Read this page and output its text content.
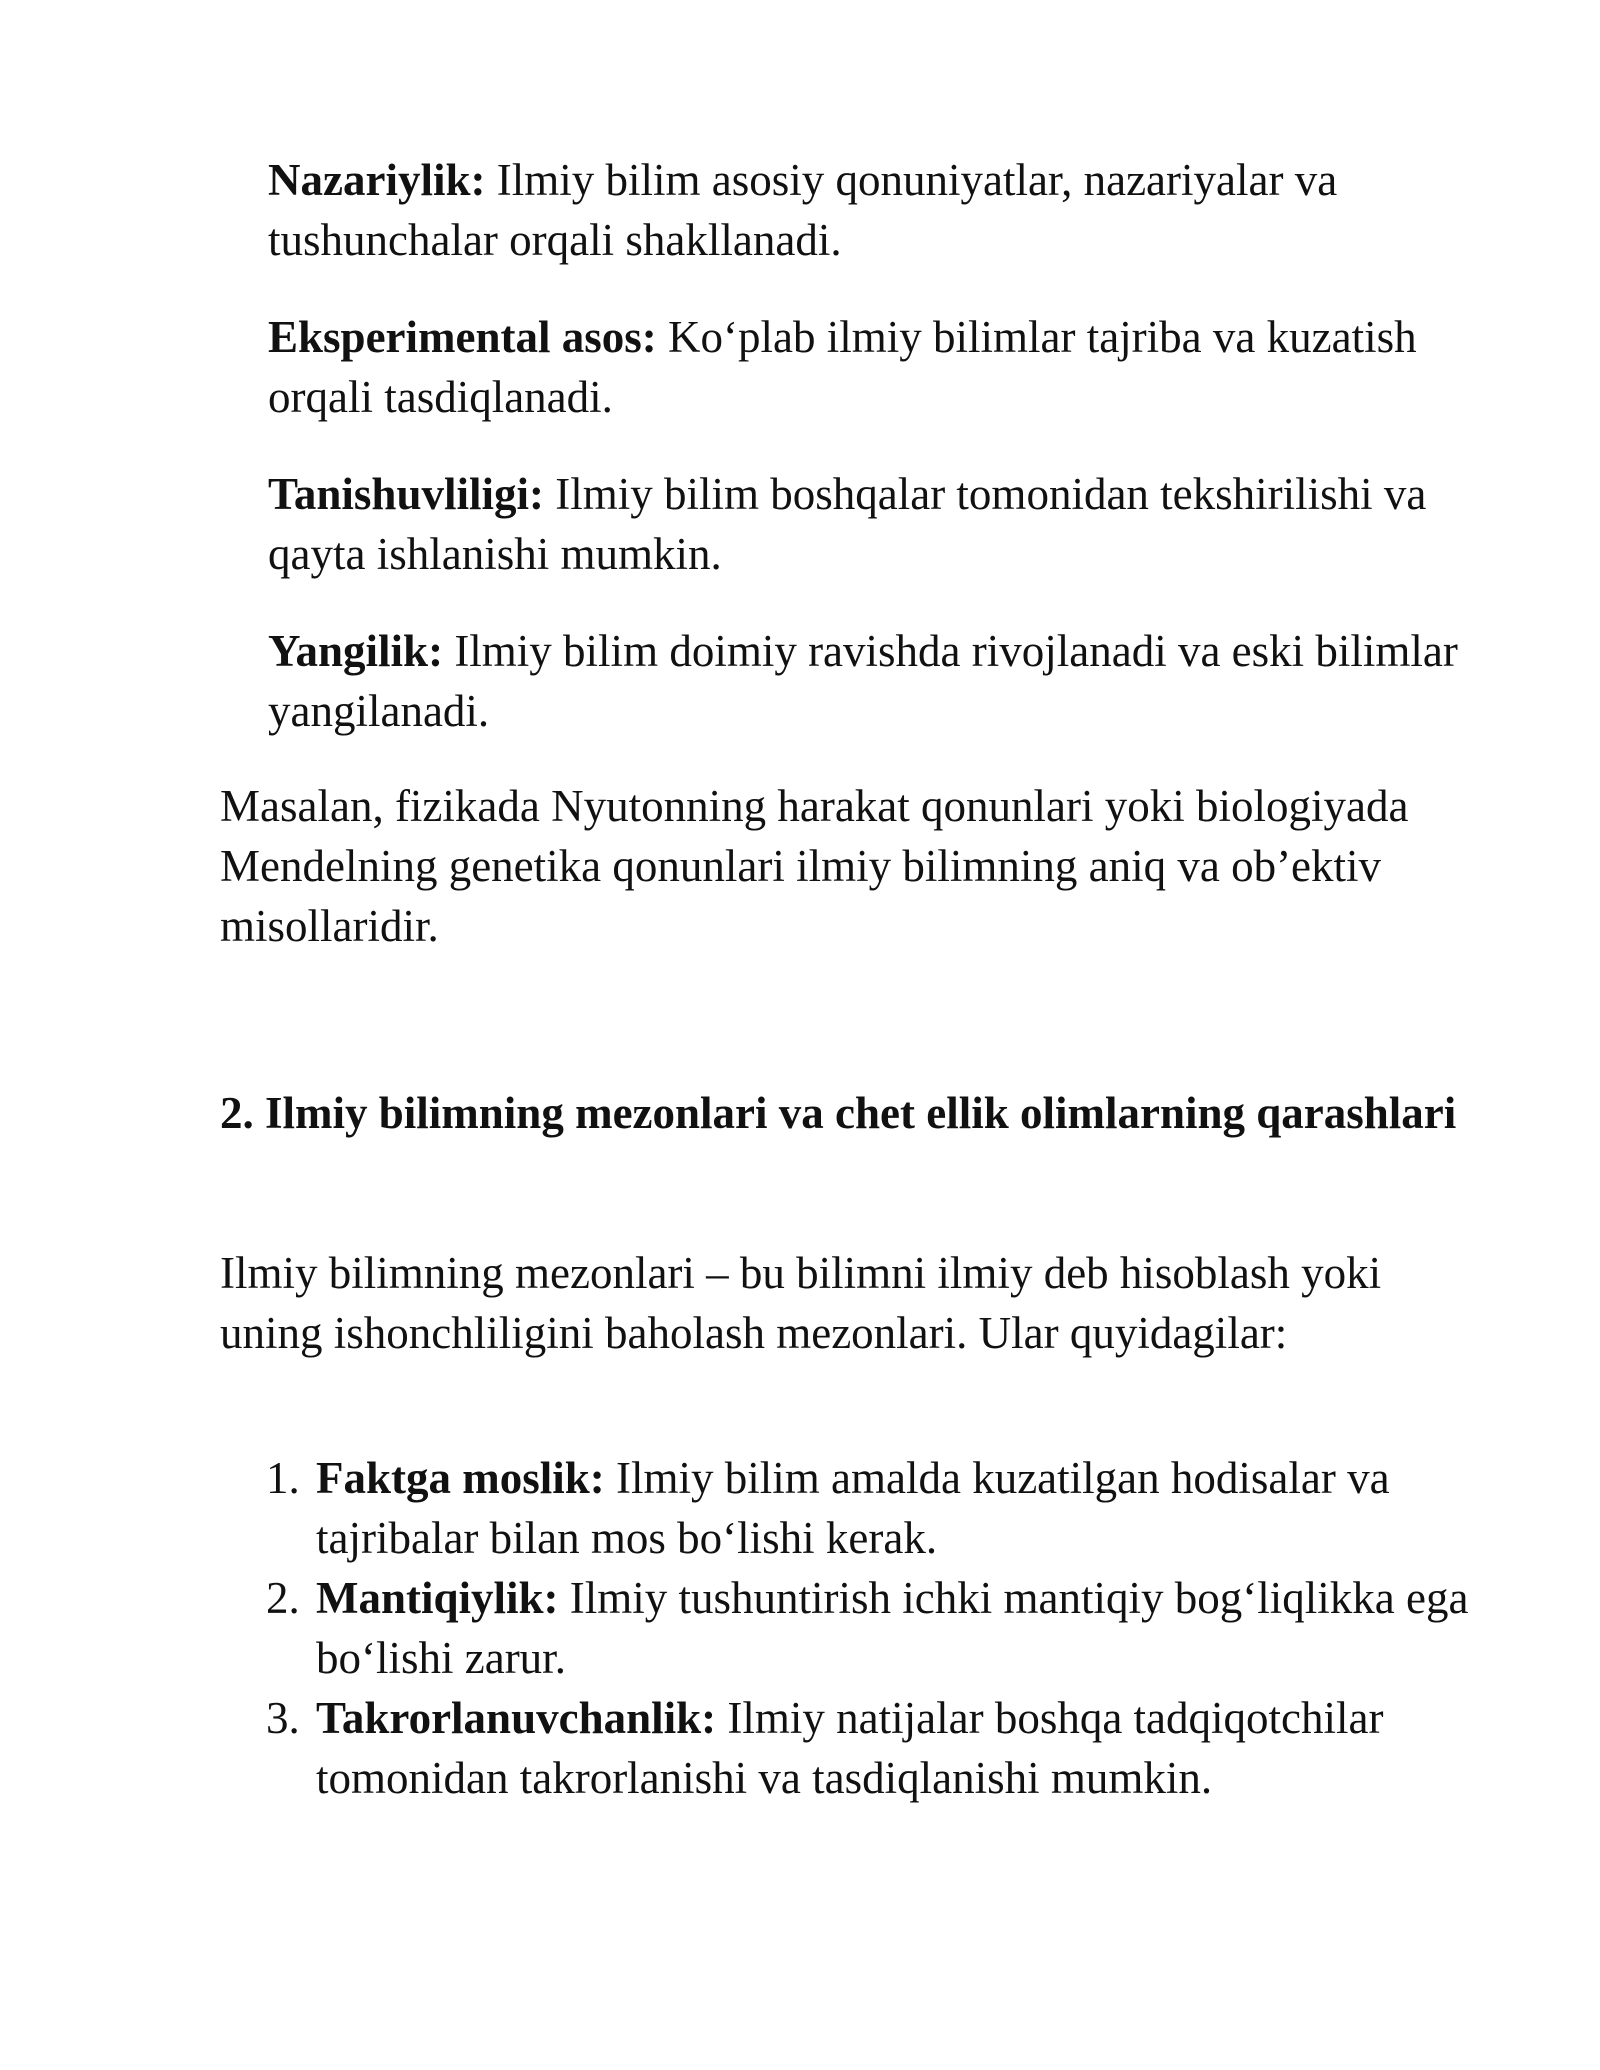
Nazariylik: Ilmiy bilim asosiy qonuniyatlar, nazariyalar va tushunchalar orqali shakllanadi.

Eksperimental asos: Ko‘plab ilmiy bilimlar tajriba va kuzatish orqali tasdiqlanadi.

Tanishuvliligi: Ilmiy bilim boshqalar tomonidan tekshirilishi va qayta ishlanishi mumkin.

Yangilik: Ilmiy bilim doimiy ravishda rivojlanadi va eski bilimlar yangilanadi.

Masalan, fizikada Nyutonning harakat qonunlari yoki biologiyada Mendelning genetika qonunlari ilmiy bilimning aniq va ob’ektiv misollaridir.

2. Ilmiy bilimning mezonlari va chet ellik olimlarning qarashlari

Ilmiy bilimning mezonlari – bu bilimni ilmiy deb hisoblash yoki uning ishonchliligini baholash mezonlari. Ular quyidagilar:

1. Faktga moslik: Ilmiy bilim amalda kuzatilgan hodisalar va tajribalar bilan mos bo‘lishi kerak.
2. Mantiqiylik: Ilmiy tushuntirish ichki mantiqiy bog‘liqlikka ega bo‘lishi zarur.
3. Takrorlanuvchanlik: Ilmiy natijalar boshqa tadqiqotchilar tomonidan takrorlanishi va tasdiqlanishi mumkin.
